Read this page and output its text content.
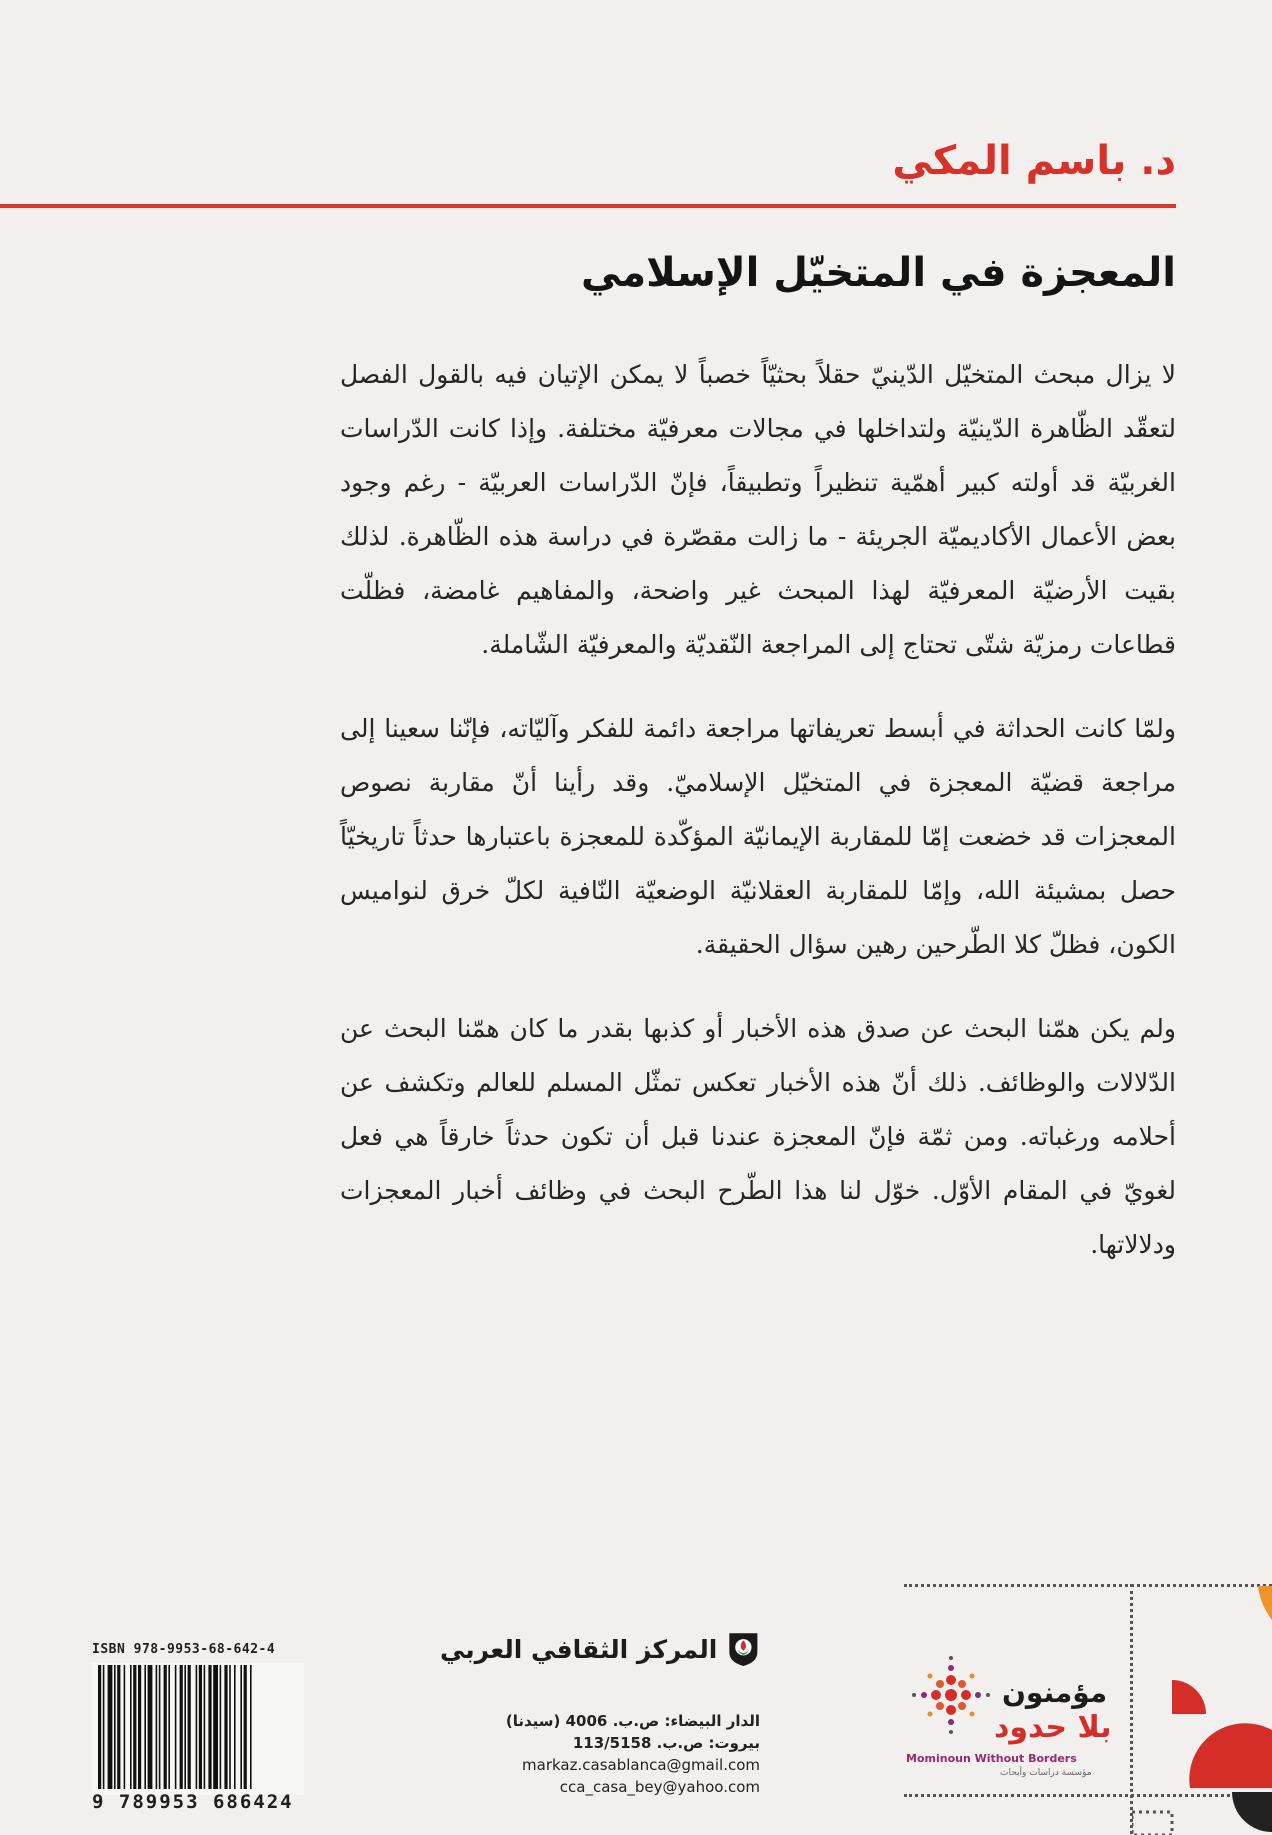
د. باسم المكي
المعجزة في المتخيّل الإسلامي

لا يزال مبحث المتخيّل الدّينيّ حقلاً بحثيّاً خصباً لا يمكن الإتيان فيه بالقول الفصل لتعقّد الظّاهرة الدّينيّة ولتداخلها في مجالات معرفيّة مختلفة. وإذا كانت الدّراسات الغربيّة قد أولته كبير أهمّية تنظيراً وتطبيقاً، فإنّ الدّراسات العربيّة - رغم وجود بعض الأعمال الأكاديميّة الجريئة - ما زالت مقصّرة في دراسة هذه الظّاهرة. لذلك بقيت الأرضيّة المعرفيّة لهذا المبحث غير واضحة، والمفاهيم غامضة، فظلّت قطاعات رمزيّة شتّى تحتاج إلى المراجعة النّقديّة والمعرفيّة الشّاملة.

ولمّا كانت الحداثة في أبسط تعريفاتها مراجعة دائمة للفكر وآليّاته، فإنّنا سعينا إلى مراجعة قضيّة المعجزة في المتخيّل الإسلاميّ. وقد رأينا أنّ مقاربة نصوص المعجزات قد خضعت إمّا للمقاربة الإيمانيّة المؤكّدة للمعجزة باعتبارها حدثاً تاريخيّاً حصل بمشيئة الله، وإمّا للمقاربة العقلانيّة الوضعيّة النّافية لكلّ خرق لنواميس الكون، فظلّ كلا الطّرحين رهين سؤال الحقيقة.

ولم يكن همّنا البحث عن صدق هذه الأخبار أو كذبها بقدر ما كان همّنا البحث عن الدّلالات والوظائف. ذلك أنّ هذه الأخبار تعكس تمثّل المسلم للعالم وتكشف عن أحلامه ورغباته. ومن ثمّة فإنّ المعجزة عندنا قبل أن تكون حدثاً خارقاً هي فعل لغويّ في المقام الأوّل. خوّل لنا هذا الطّرح البحث في وظائف أخبار المعجزات ودلالاتها.

ISBN 978-9953-68-642-4
9 789953 686424
المركز الثقافي العربي
الدار البيضاء: ص.ب. 4006 (سيدنا)
بيروت: ص.ب. 113/5158
markaz.casablanca@gmail.com
cca_casa_bey@yahoo.com
مؤمنون
بلا حدود
Mominoun Without Borders
مؤسسة دراسات وأبحاث
